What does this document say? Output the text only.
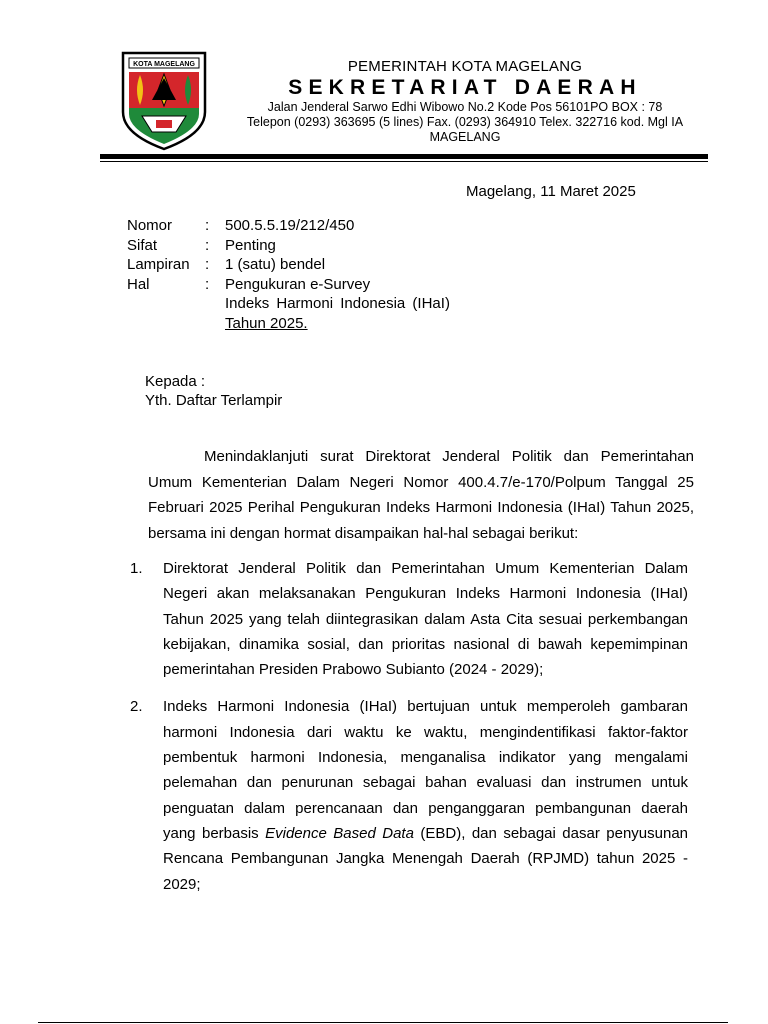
KOTA MAGELANG	PEMERINTAH KOTA MAGELANG
SEKRETARIAT DAERAH
Jalan Jenderal Sarwo Edhi Wibowo No.2 Kode Pos 56101PO BOX : 78
Telepon (0293) 363695 (5 lines) Fax. (0293) 364910 Telex. 322716 kod. Mgl IA
MAGELANG
Magelang, 11 Maret 2025
Nomor	:	500.5.5.19/212/450
Sifat	:	Penting
Lampiran	:	1 (satu) bendel
Hal	:	Pengukuran e-Survey
Indeks Harmoni Indonesia (IHaI)
Tahun 2025.
Kepada :
Yth. Daftar Terlampir
Menindaklanjuti surat Direktorat Jenderal Politik dan Pemerintahan Umum Kementerian Dalam Negeri Nomor 400.4.7/e-170/Polpum Tanggal 25 Februari 2025 Perihal Pengukuran Indeks Harmoni Indonesia (IHaI) Tahun 2025, bersama ini dengan hormat disampaikan hal-hal sebagai berikut:
1.	Direktorat Jenderal Politik dan Pemerintahan Umum Kementerian Dalam Negeri akan melaksanakan Pengukuran Indeks Harmoni Indonesia (IHaI) Tahun 2025 yang telah diintegrasikan dalam Asta Cita sesuai perkembangan kebijakan, dinamika sosial, dan prioritas nasional di bawah kepemimpinan pemerintahan Presiden Prabowo Subianto (2024 - 2029);
2.	Indeks Harmoni Indonesia (IHaI) bertujuan untuk memperoleh gambaran harmoni Indonesia dari waktu ke waktu, mengindentifikasi faktor-faktor pembentuk harmoni Indonesia, menganalisa indikator yang mengalami pelemahan dan penurunan sebagai bahan evaluasi dan instrumen untuk penguatan dalam perencanaan dan penganggaran pembangunan daerah yang berbasis Evidence Based Data (EBD), dan sebagai dasar penyusunan Rencana Pembangunan Jangka Menengah Daerah (RPJMD) tahun 2025 - 2029;
